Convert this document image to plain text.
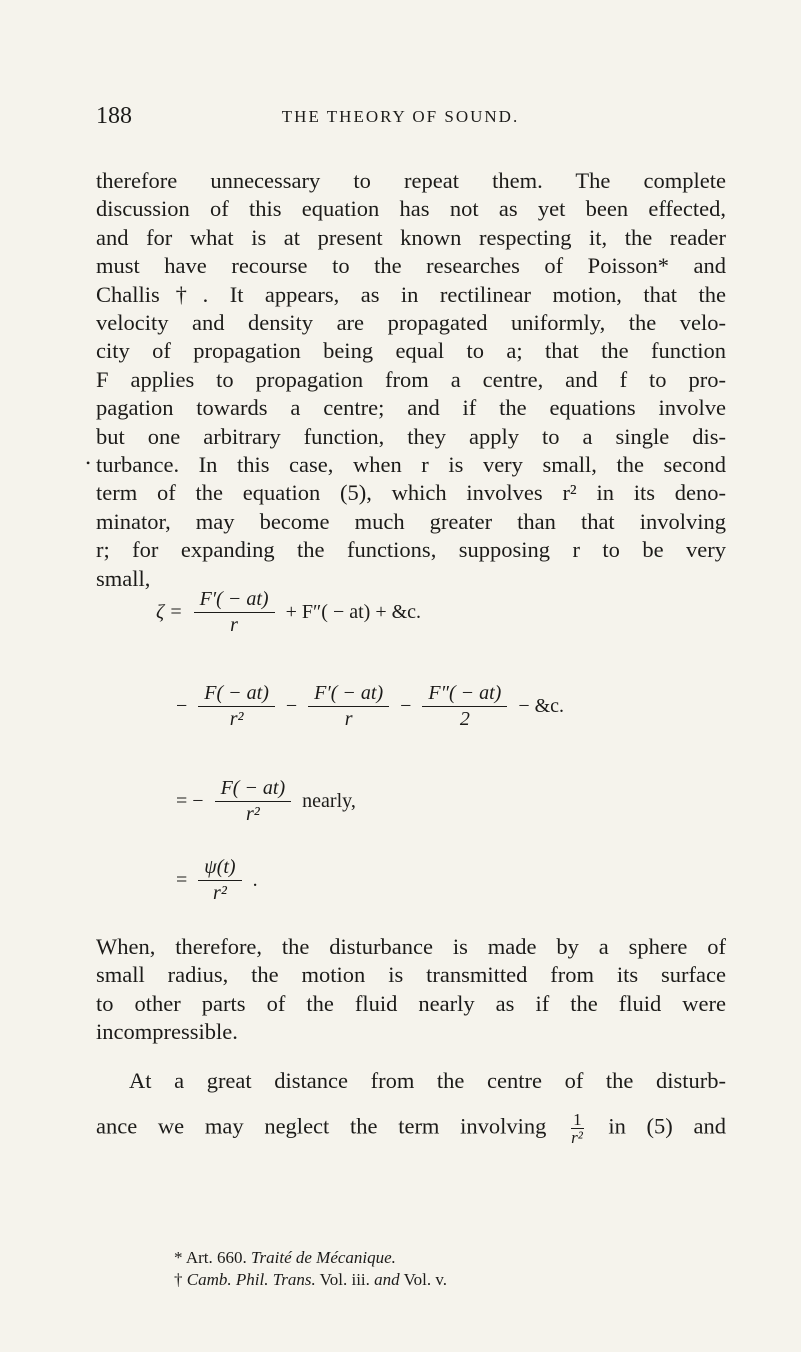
188	THE THEORY OF SOUND.
therefore unnecessary to repeat them. The complete
discussion of this equation has not as yet been effected,
and for what is at present known respecting it, the reader
must have recourse to the researches of Poisson* and
Challis†. It appears, as in rectilinear motion, that the
velocity and density are propagated uniformly, the velo-
city of propagation being equal to a; that the function
F applies to propagation from a centre, and f to pro-
pagation towards a centre; and if the equations involve
but one arbitrary function, they apply to a single dis-
turbance. In this case, when r is very small, the second
term of the equation (5), which involves r² in its deno-
minator, may become much greater than that involving
r; for expanding the functions, supposing r to be very
small,
•
$\zeta = \frac{F'( - at)}{r} + F''( - at)$ + &c.
− $\frac{F( - at)}{\text{r²}} - \frac{F'( - at)}{r} - \frac{F''( - at)}{2}$ − &c.
= − $\frac{F( - at)}{\text{r²}}$ nearly,
= $\frac{\psi(t)}{\text{r²}}$ .
When, therefore, the disturbance is made by a sphere of
small radius, the motion is transmitted from its surface
to other parts of the fluid nearly as if the fluid were
incompressible.
At a great distance from the centre of the disturb-
ance we may neglect the term involving $\frac{1}{\text{r²}}$ in (5) and
* Art. 660. Traité de Mécanique.
† Camb. Phil. Trans. Vol. iii. and Vol. v.
